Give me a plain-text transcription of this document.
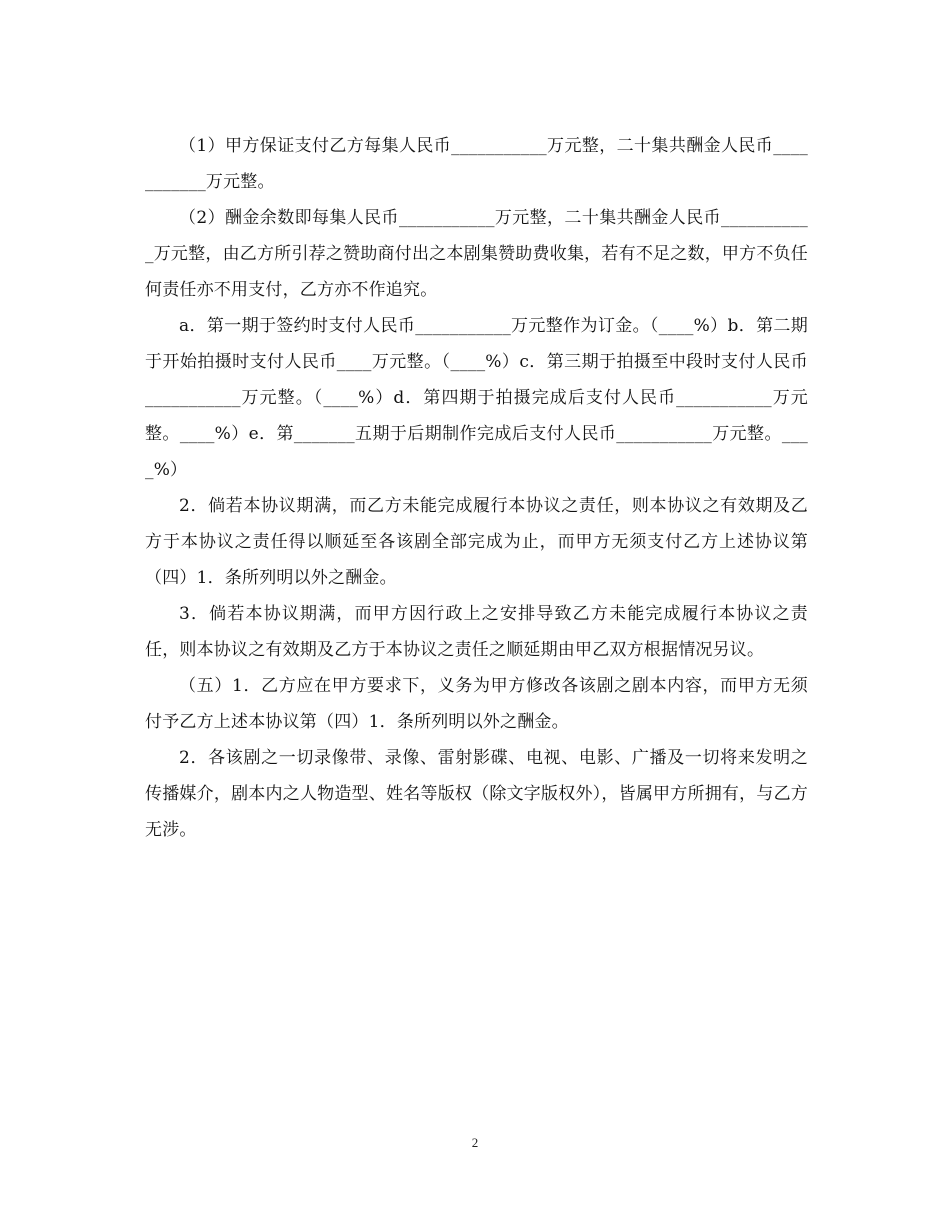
（1）甲方保证支付乙方每集人民币___________万元整，二十集共酬金人民币___________万元整。

（2）酬金余数即每集人民币___________万元整，二十集共酬金人民币___________万元整，由乙方所引荐之赞助商付出之本剧集赞助费收集，若有不足之数，甲方不负任何责任亦不用支付，乙方亦不作追究。

a．第一期于签约时支付人民币___________万元整作为订金。（____%）b．第二期于开始拍摄时支付人民币____万元整。（____%）c．第三期于拍摄至中段时支付人民币___________万元整。（____%）d．第四期于拍摄完成后支付人民币___________万元整。____%）e．第_______五期于后期制作完成后支付人民币___________万元整。____%）

2．倘若本协议期满，而乙方未能完成履行本协议之责任，则本协议之有效期及乙方于本协议之责任得以顺延至各该剧全部完成为止，而甲方无须支付乙方上述协议第（四）1．条所列明以外之酬金。

3．倘若本协议期满，而甲方因行政上之安排导致乙方未能完成履行本协议之责任，则本协议之有效期及乙方于本协议之责任之顺延期由甲乙双方根据情况另议。

（五）1．乙方应在甲方要求下，义务为甲方修改各该剧之剧本内容，而甲方无须付予乙方上述本协议第（四）1．条所列明以外之酬金。

2．各该剧之一切录像带、录像、雷射影碟、电视、电影、广播及一切将来发明之传播媒介，剧本内之人物造型、姓名等版权（除文字版权外），皆属甲方所拥有，与乙方无涉。

2
